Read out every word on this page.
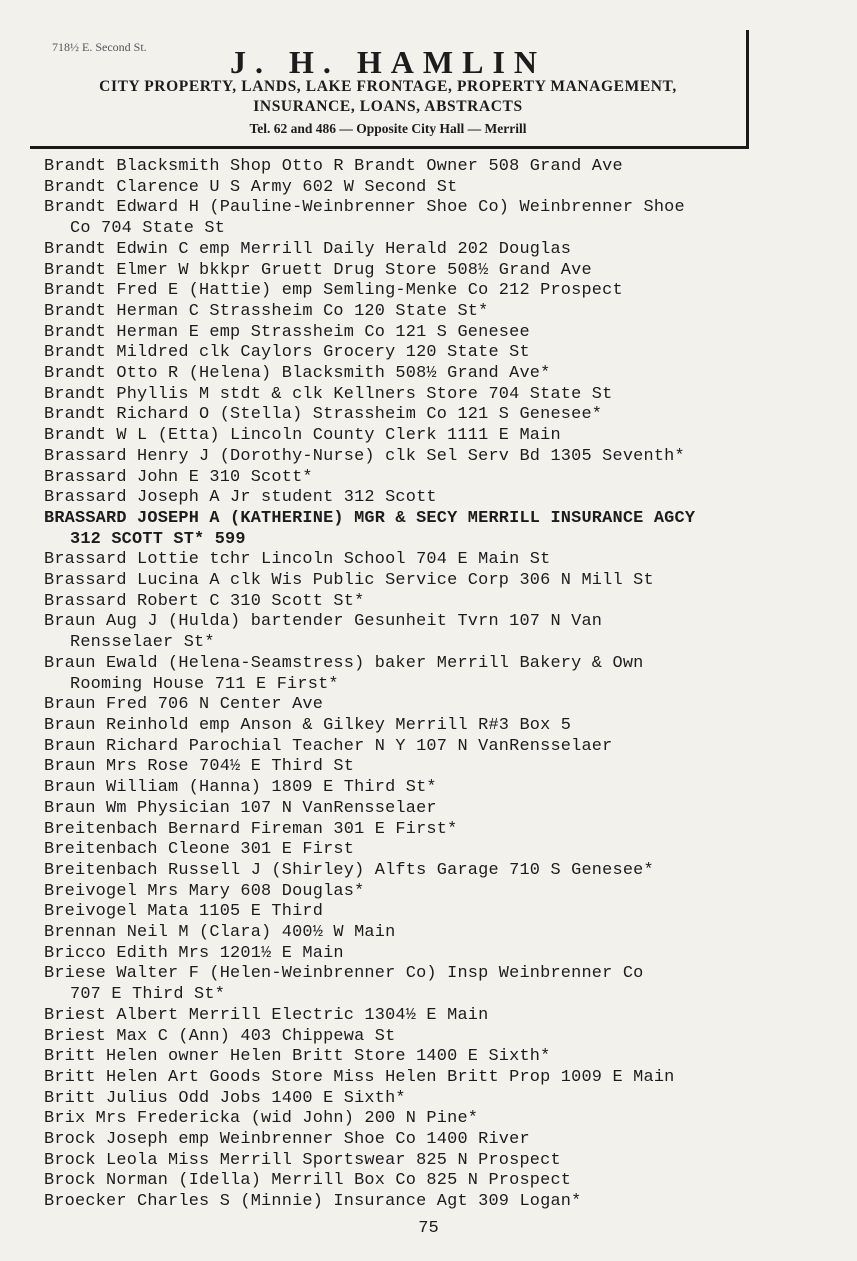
718½ E. Second St.	J. H. HAMLIN
CITY PROPERTY, LANDS, LAKE FRONTAGE, PROPERTY MANAGEMENT,
INSURANCE, LOANS, ABSTRACTS
Tel. 62 and 486 — Opposite City Hall — Merrill
Brandt Blacksmith Shop Otto R Brandt Owner 508 Grand Ave
Brandt Clarence U S Army 602 W Second St
Brandt Edward H (Pauline-Weinbrenner Shoe Co) Weinbrenner Shoe
Co 704 State St
Brandt Edwin C emp Merrill Daily Herald 202 Douglas
Brandt Elmer W bkkpr Gruett Drug Store 508½ Grand Ave
Brandt Fred E (Hattie) emp Semling-Menke Co 212 Prospect
Brandt Herman C Strassheim Co 120 State St*
Brandt Herman E emp Strassheim Co 121 S Genesee
Brandt Mildred clk Caylors Grocery 120 State St
Brandt Otto R (Helena) Blacksmith 508½ Grand Ave*
Brandt Phyllis M stdt & clk Kellners Store 704 State St
Brandt Richard O (Stella) Strassheim Co 121 S Genesee*
Brandt W L (Etta) Lincoln County Clerk 1111 E Main
Brassard Henry J (Dorothy-Nurse) clk Sel Serv Bd 1305 Seventh*
Brassard John E 310 Scott*
Brassard Joseph A Jr student 312 Scott
BRASSARD JOSEPH A (KATHERINE) MGR & SECY MERRILL INSURANCE AGCY
312 SCOTT ST* 599
Brassard Lottie tchr Lincoln School 704 E Main St
Brassard Lucina A clk Wis Public Service Corp 306 N Mill St
Brassard Robert C 310 Scott St*
Braun Aug J (Hulda) bartender Gesunheit Tvrn 107 N Van
Rensselaer St*
Braun Ewald (Helena-Seamstress) baker Merrill Bakery & Own
Rooming House 711 E First*
Braun Fred 706 N Center Ave
Braun Reinhold emp Anson & Gilkey Merrill R#3 Box 5
Braun Richard Parochial Teacher N Y 107 N VanRensselaer
Braun Mrs Rose 704½ E Third St
Braun William (Hanna) 1809 E Third St*
Braun Wm Physician 107 N VanRensselaer
Breitenbach Bernard Fireman 301 E First*
Breitenbach Cleone 301 E First
Breitenbach Russell J (Shirley) Alfts Garage 710 S Genesee*
Breivogel Mrs Mary 608 Douglas*
Breivogel Mata 1105 E Third
Brennan Neil M (Clara) 400½ W Main
Bricco Edith Mrs 1201½ E Main
Briese Walter F (Helen-Weinbrenner Co) Insp Weinbrenner Co
707 E Third St*
Briest Albert Merrill Electric 1304½ E Main
Briest Max C (Ann) 403 Chippewa St
Britt Helen owner Helen Britt Store 1400 E Sixth*
Britt Helen Art Goods Store Miss Helen Britt Prop 1009 E Main
Britt Julius Odd Jobs 1400 E Sixth*
Brix Mrs Fredericka (wid John) 200 N Pine*
Brock Joseph emp Weinbrenner Shoe Co 1400 River
Brock Leola Miss Merrill Sportswear 825 N Prospect
Brock Norman (Idella) Merrill Box Co 825 N Prospect
Broecker Charles S (Minnie) Insurance Agt 309 Logan*
75
